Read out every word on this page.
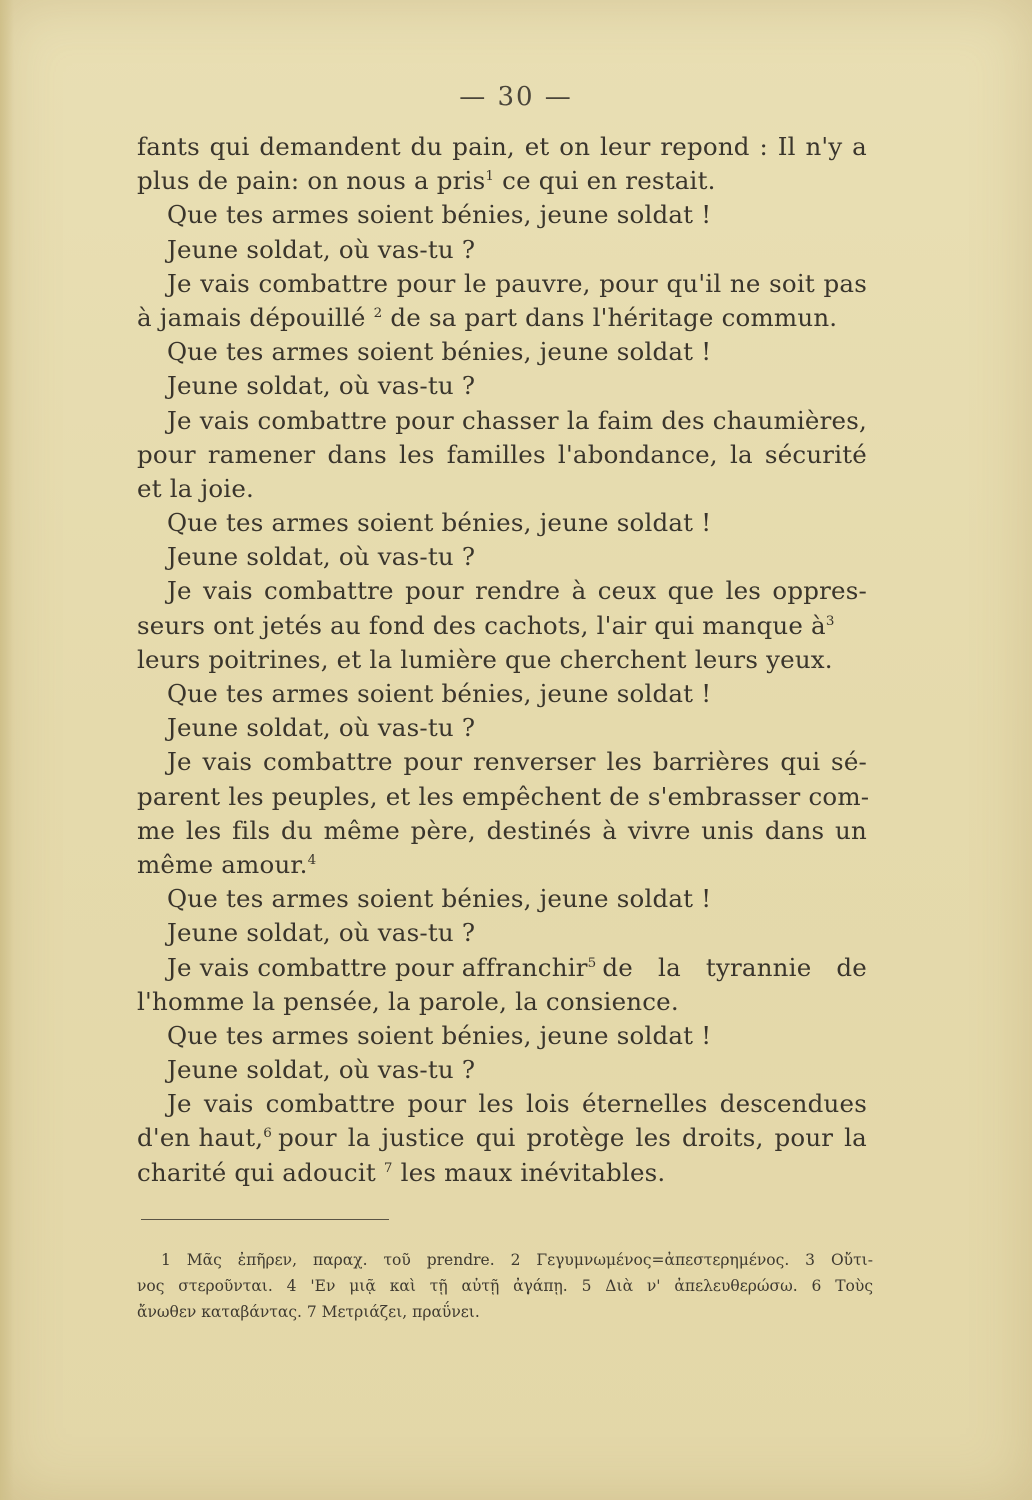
— 30 —
fants qui demandent du pain, et on leur repond : Il n'y a
plus de pain: on nous a pris$^1$ ce qui en restait.
Que tes armes soient bénies, jeune soldat !
Jeune soldat, où vas-tu ?
Je vais combattre pour le pauvre, pour qu'il ne soit pas
à jamais dépouillé $^2$ de sa part dans l'héritage commun.
Que tes armes soient bénies, jeune soldat !
Jeune soldat, où vas-tu ?
Je vais combattre pour chasser la faim des chaumières,
pour ramener dans les familles l'abondance, la sécurité
et la joie.
Que tes armes soient bénies, jeune soldat !
Jeune soldat, où vas-tu ?
Je vais combattre pour rendre à ceux que les oppres-
seurs ont jetés au fond des cachots, l'air qui manque $à^3$
leurs poitrines, et la lumière que cherchent leurs yeux.
Que tes armes soient bénies, jeune soldat !
Jeune soldat, où vas-tu ?
Je vais combattre pour renverser les barrières qui sé-
parent les peuples, et les empêchent de s'embrasser com-
me les fils du même père, destinés à vivre unis dans un
même amour.$^4$
Que tes armes soient bénies, jeune soldat !
Jeune soldat, où vas-tu ?
Je vais combattre pour affranchir$^5$ de la tyrannie de
l'homme la pensée, la parole, la consience.
Que tes armes soient bénies, jeune soldat !
Jeune soldat, où vas-tu ?
Je vais combattre pour les lois éternelles descendues
d'en haut,$^6$ pour la justice qui protège les droits, pour la
charité qui adoucit $^7$ les maux inévitables.
1 Μᾶς ἐπῆρεν, παραχ. τοῦ prendre. 2 Γεγυμνωμένος=ἀπεστερημένος. 3 Οὔτι-
νος στεροῦνται. 4 'Εν μιᾷ καὶ τῇ αὐτῇ ἀγάπῃ. 5 Διὰ ν' ἀπελευθερώσω. 6 Τοὺς
ἄνωθεν καταβάντας. 7 Μετριάζει, πραΰνει.
